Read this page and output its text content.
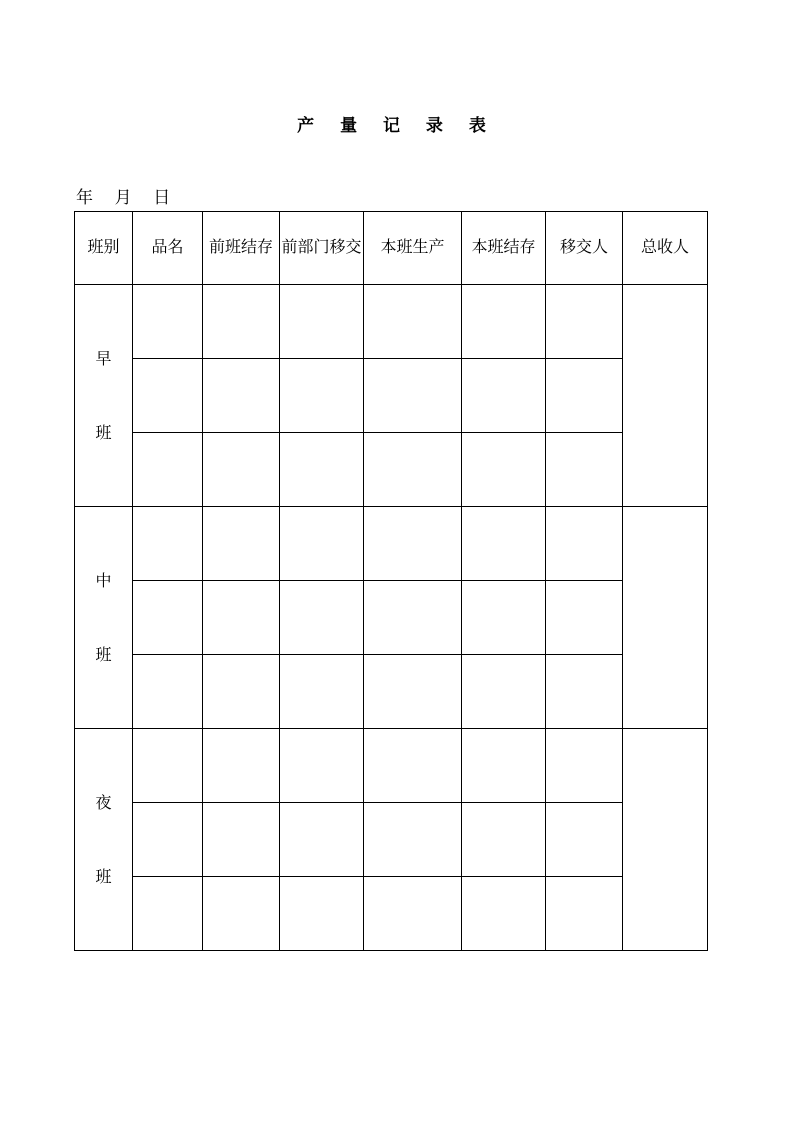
产 量 记 录 表
年    月    日
班别	品名	前班结存	前部门移交	本班生产	本班结存	移交人	总收人

早
班							

中
班							

夜
班							
